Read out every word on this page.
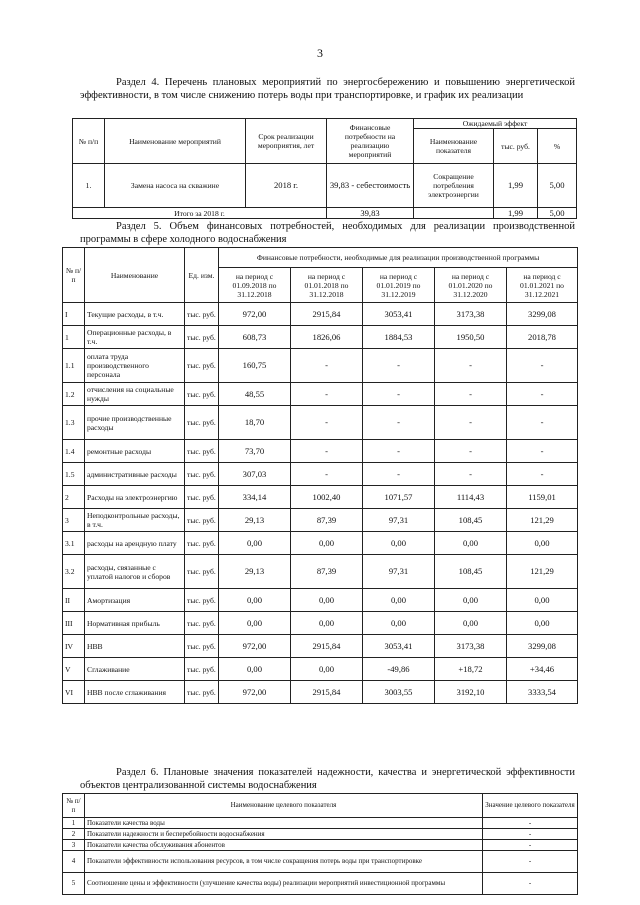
3
Раздел 4. Перечень плановых мероприятий по энергосбережению и повышению энергетической эффективности, в том числе снижению потерь воды при транспортировке, и график их реализации
№ п/п	Наименование мероприятий	Срок реализации мероприятия, лет	Финансовые потребности на реализацию мероприятий	Ожидаемый эффект		
				Наименование показателя	тыс. руб.	%
1.	Замена насоса на скважине	2018 г.	39,83 - себестоимость	Сокращение потребления электроэнергии	1,99	5,00
Итого за 2018 г.			39,83		1,99	5,00
Раздел 5. Объем финансовых потребностей, необходимых для реализации производственной программы в сфере холодного водоснабжения
№ п/п	Наименование	Ед. изм.	Финансовые потребности, необходимые для реализации производственной программы				
			на период с 01.09.2018 по 31.12.2018	на период с 01.01.2018 по 31.12.2018	на период с 01.01.2019 по 31.12.2019	на период с 01.01.2020 по 31.12.2020	на период с 01.01.2021 по 31.12.2021
I	Текущие расходы, в т.ч.	тыс. руб.	972,00	2915,84	3053,41	3173,38	3299,08
1	Операционные расходы, в т.ч.	тыс. руб.	608,73	1826,06	1884,53	1950,50	2018,78
1.1	оплата труда производственного персонала	тыс. руб.	160,75	-	-	-	-
1.2	отчисления на социальные нужды	тыс. руб.	48,55	-	-	-	-
1.3	прочие производственные расходы	тыс. руб.	18,70	-	-	-	-
1.4	ремонтные расходы	тыс. руб.	73,70	-	-	-	-
1.5	административные расходы	тыс. руб.	307,03	-	-	-	-
2	Расходы на электроэнергию	тыс. руб.	334,14	1002,40	1071,57	1114,43	1159,01
3	Неподконтрольные расходы, в т.ч.	тыс. руб.	29,13	87,39	97,31	108,45	121,29
3.1	расходы на арендную плату	тыс. руб.	0,00	0,00	0,00	0,00	0,00
3.2	расходы, связанные с уплатой налогов и сборов	тыс. руб.	29,13	87,39	97,31	108,45	121,29
II	Амортизация	тыс. руб.	0,00	0,00	0,00	0,00	0,00
III	Нормативная прибыль	тыс. руб.	0,00	0,00	0,00	0,00	0,00
IV	НВВ	тыс. руб.	972,00	2915,84	3053,41	3173,38	3299,08
V	Сглаживание	тыс. руб.	0,00	0,00	-49,86	+18,72	+34,46
VI	НВВ после сглаживания	тыс. руб.	972,00	2915,84	3003,55	3192,10	3333,54
Раздел 6. Плановые значения показателей надежности, качества и энергетической эффективности объектов централизованной системы водоснабжения
№ п/п	Наименование целевого показателя	Значение целевого показателя
1	Показатели качества воды	-
2	Показатели надежности и бесперебойности водоснабжения	-
3	Показатели качества обслуживания абонентов	-
4	Показатели эффективности использования ресурсов, в том числе сокращения потерь воды при транспортировке	-
5	Соотношение цены и эффективности (улучшение качества воды) реализации мероприятий инвестиционной программы	-
